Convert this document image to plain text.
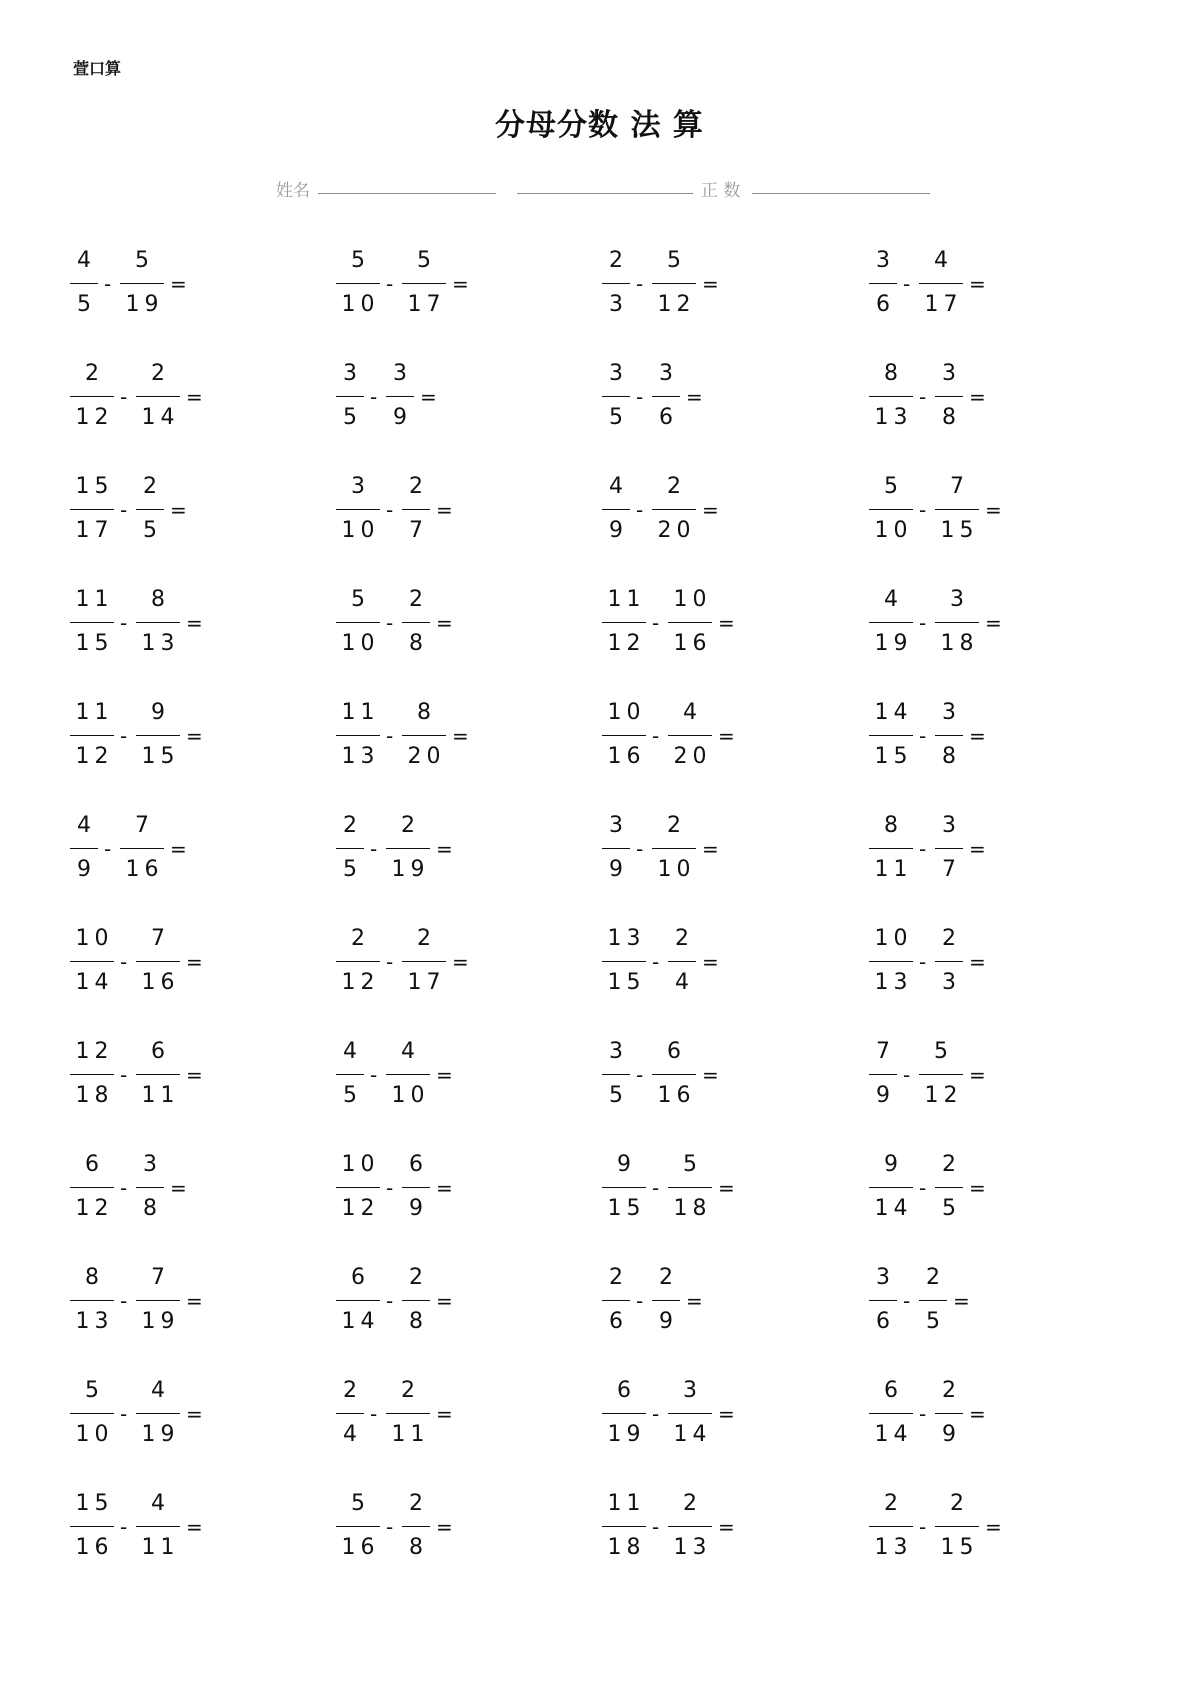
萱口算
分母分数 法 算
姓名	正 数
4
5
-
5
19
=
5
10
-
5
17
=
2
3
-
5
12
=
3
6
-
4
17
=
2
12
-
2
14
=
3
5
-
3
9
=
3
5
-
3
6
=
8
13
-
3
8
=
15
17
-
2
5
=
3
10
-
2
7
=
4
9
-
2
20
=
5
10
-
7
15
=
11
15
-
8
13
=
5
10
-
2
8
=
11
12
-
10
16
=
4
19
-
3
18
=
11
12
-
9
15
=
11
13
-
8
20
=
10
16
-
4
20
=
14
15
-
3
8
=
4
9
-
7
16
=
2
5
-
2
19
=
3
9
-
2
10
=
8
11
-
3
7
=
10
14
-
7
16
=
2
12
-
2
17
=
13
15
-
2
4
=
10
13
-
2
3
=
12
18
-
6
11
=
4
5
-
4
10
=
3
5
-
6
16
=
7
9
-
5
12
=
6
12
-
3
8
=
10
12
-
6
9
=
9
15
-
5
18
=
9
14
-
2
5
=
8
13
-
7
19
=
6
14
-
2
8
=
2
6
-
2
9
=
3
6
-
2
5
=
5
10
-
4
19
=
2
4
-
2
11
=
6
19
-
3
14
=
6
14
-
2
9
=
15
16
-
4
11
=
5
16
-
2
8
=
11
18
-
2
13
=
2
13
-
2
15
=
